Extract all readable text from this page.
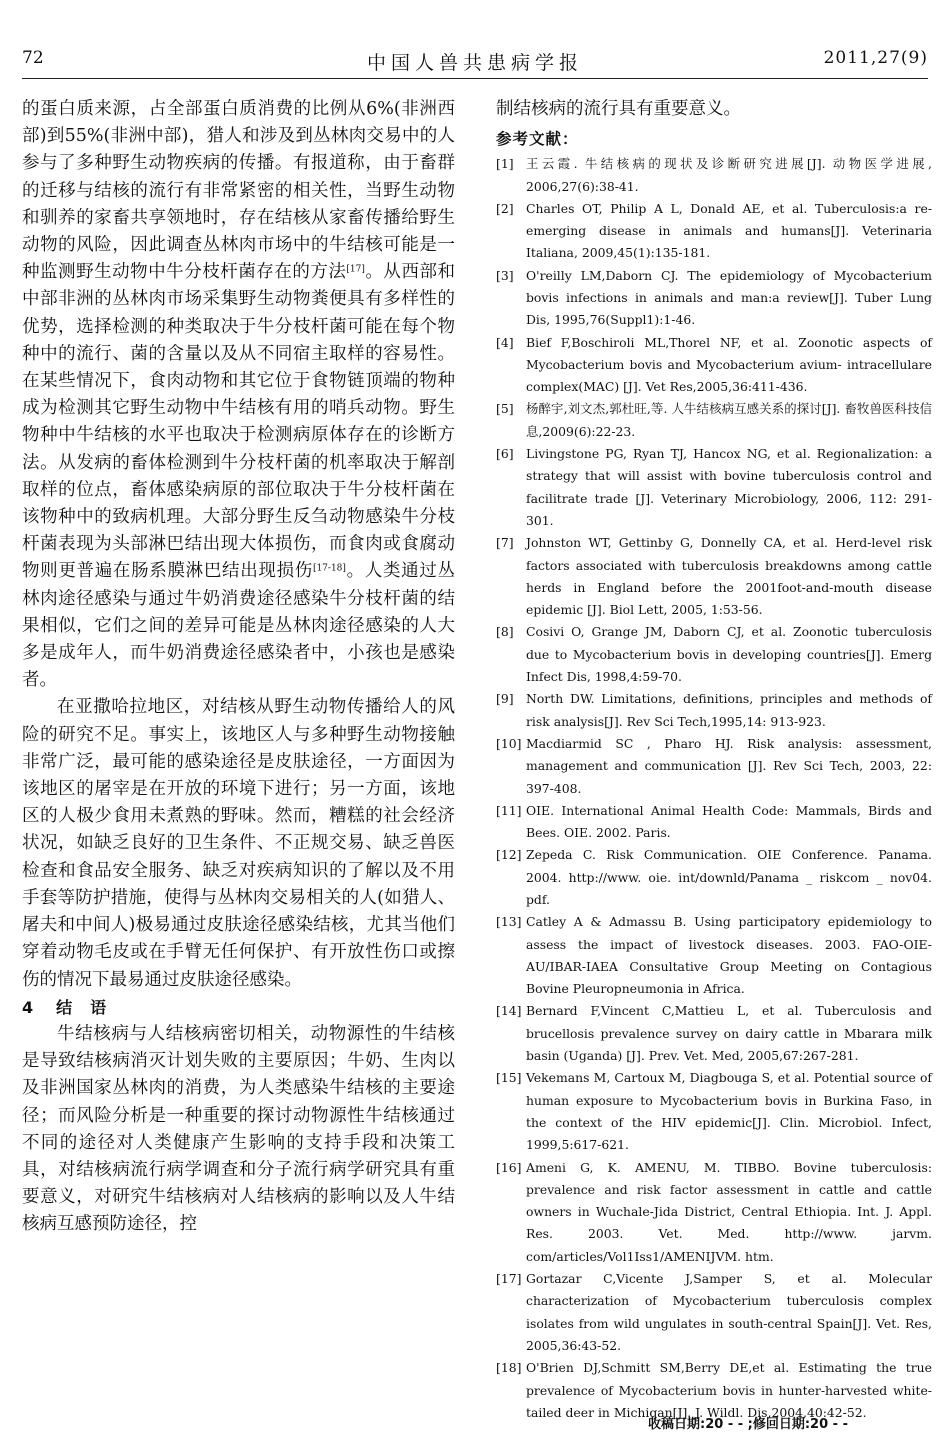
72	中国人兽共患病学报	2011,27(9)

的蛋白质来源，占全部蛋白质消费的比例从6%(非洲西部)到55%(非洲中部)，猎人和涉及到丛林肉交易中的人参与了多种野生动物疾病的传播。有报道称，由于畜群的迁移与结核的流行有非常紧密的相关性，当野生动物和驯养的家畜共享领地时，存在结核从家畜传播给野生动物的风险，因此调查丛林肉市场中的牛结核可能是一种监测野生动物中牛分枝杆菌存在的方法[17]。从西部和中部非洲的丛林肉市场采集野生动物粪便具有多样性的优势，选择检测的种类取决于牛分枝杆菌可能在每个物种中的流行、菌的含量以及从不同宿主取样的容易性。在某些情况下，食肉动物和其它位于食物链顶端的物种成为检测其它野生动物中牛结核有用的哨兵动物。野生物种中牛结核的水平也取决于检测病原体存在的诊断方法。从发病的畜体检测到牛分枝杆菌的机率取决于解剖取样的位点，畜体感染病原的部位取决于牛分枝杆菌在该物种中的致病机理。大部分野生反刍动物感染牛分枝杆菌表现为头部淋巴结出现大体损伤，而食肉或食腐动物则更普遍在肠系膜淋巴结出现损伤[17-18]。人类通过丛林肉途径感染与通过牛奶消费途径感染牛分枝杆菌的结果相似，它们之间的差异可能是丛林肉途径感染的人大多是成年人，而牛奶消费途径感染者中，小孩也是感染者。

在亚撒哈拉地区，对结核从野生动物传播给人的风险的研究不足。事实上，该地区人与多种野生动物接触非常广泛，最可能的感染途径是皮肤途径，一方面因为该地区的屠宰是在开放的环境下进行；另一方面，该地区的人极少食用未煮熟的野味。然而，糟糕的社会经济状况，如缺乏良好的卫生条件、不正规交易、缺乏兽医检查和食品安全服务、缺乏对疾病知识的了解以及不用手套等防护措施，使得与丛林肉交易相关的人(如猎人、屠夫和中间人)极易通过皮肤途径感染结核，尤其当他们穿着动物毛皮或在手臂无任何保护、有开放性伤口或擦伤的情况下最易通过皮肤途径感染。

4 结　语

牛结核病与人结核病密切相关，动物源性的牛结核是导致结核病消灭计划失败的主要原因；牛奶、生肉以及非洲国家丛林肉的消费，为人类感染牛结核的主要途径；而风险分析是一种重要的探讨动物源性牛结核通过不同的途径对人类健康产生影响的支持手段和决策工具，对结核病流行病学调查和分子流行病学研究具有重要意义，对研究牛结核病对人结核病的影响以及人牛结核病互感预防途径，控

制结核病的流行具有重要意义。

参考文献：
[1] 王云霞. 牛结核病的现状及诊断研究进展[J]. 动物医学进展, 2006,27(6):38-41.
[2] Charles OT, Philip A L, Donald AE, et al. Tuberculosis:a re-emerging disease in animals and humans[J]. Veterinaria Italiana, 2009,45(1):135-181.
[3] O'reilly LM,Daborn CJ. The epidemiology of Mycobacterium bovis infections in animals and man:a review[J]. Tuber Lung Dis, 1995,76(Suppl1):1-46.
[4] Bief F,Boschiroli ML,Thorel NF, et al. Zoonotic aspects of Mycobacterium bovis and Mycobacterium avium- intracellulare complex(MAC) [J]. Vet Res,2005,36:411-436.
[5] 杨醉宇,刘文杰,郭杜旺,等. 人牛结核病互感关系的探讨[J]. 畜牧兽医科技信息,2009(6):22-23.
[6] Livingstone PG, Ryan TJ, Hancox NG, et al. Regionalization: a strategy that will assist with bovine tuberculosis control and facilitrate trade [J]. Veterinary Microbiology, 2006, 112: 291-301.
[7] Johnston WT, Gettinby G, Donnelly CA, et al. Herd-level risk factors associated with tuberculosis breakdowns among cattle herds in England before the 2001foot-and-mouth disease epidemic [J]. Biol Lett, 2005, 1:53-56.
[8] Cosivi O, Grange JM, Daborn CJ, et al. Zoonotic tuberculosis due to Mycobacterium bovis in developing countries[J]. Emerg Infect Dis, 1998,4:59-70.
[9] North DW. Limitations, definitions, principles and methods of risk analysis[J]. Rev Sci Tech,1995,14: 913-923.
[10] Macdiarmid SC , Pharo HJ. Risk analysis: assessment, management and communication [J]. Rev Sci Tech, 2003, 22: 397-408.
[11] OIE. International Animal Health Code: Mammals, Birds and Bees. OIE. 2002. Paris.
[12] Zepeda C. Risk Communication. OIE Conference. Panama. 2004. http://www. oie. int/downld/Panama _ riskcom _ nov04. pdf.
[13] Catley A & Admassu B. Using participatory epidemiology to assess the impact of livestock diseases. 2003. FAO-OIE-AU/IBAR-IAEA Consultative Group Meeting on Contagious Bovine Pleuropneumonia in Africa.
[14] Bernard F,Vincent C,Mattieu L, et al. Tuberculosis and brucellosis prevalence survey on dairy cattle in Mbarara milk basin (Uganda) [J]. Prev. Vet. Med, 2005,67:267-281.
[15] Vekemans M, Cartoux M, Diagbouga S, et al. Potential source of human exposure to Mycobacterium bovis in Burkina Faso, in the context of the HIV epidemic[J]. Clin. Microbiol. Infect, 1999,5:617-621.
[16] Ameni G, K. AMENU, M. TIBBO. Bovine tuberculosis: prevalence and risk factor assessment in cattle and cattle owners in Wuchale-Jida District, Central Ethiopia. Int. J. Appl. Res. 2003. Vet. Med. http://www. jarvm. com/articles/Vol1Iss1/AMENIJVM. htm.
[17] Gortazar C,Vicente J,Samper S, et al. Molecular characterization of Mycobacterium tuberculosis complex isolates from wild ungulates in south-central Spain[J]. Vet. Res, 2005,36:43-52.
[18] O'Brien DJ,Schmitt SM,Berry DE,et al. Estimating the true prevalence of Mycobacterium bovis in hunter-harvested white-tailed deer in Michigan[J]. J. Wildl. Dis,2004,40:42-52.
收稿日期:20 - - ;修回日期:20 - -
